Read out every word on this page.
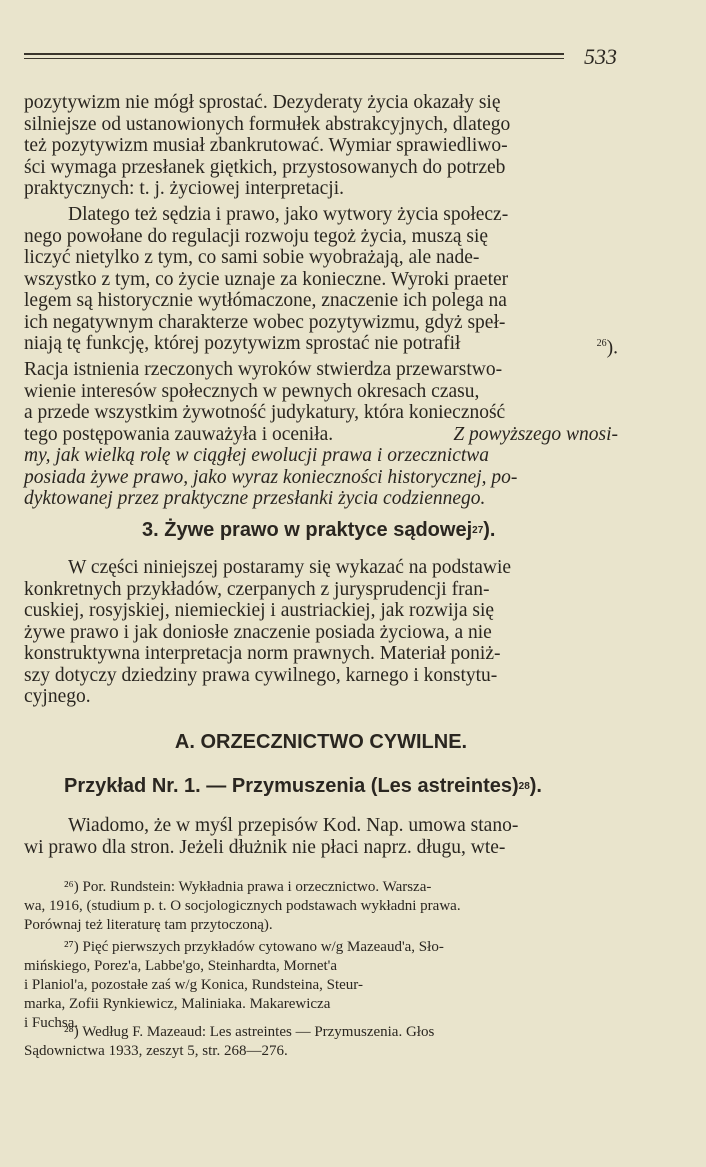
533
pozytywizm nie mógł sprostać. Dezyderaty życia okazały się
silniejsze od ustanowionych formułek abstrakcyjnych, dlatego
też pozytywizm musiał zbankrutować. Wymiar sprawiedliwo-
ści wymaga przesłanek giętkich, przystosowanych do potrzeb
praktycznych: t. j. życiowej interpretacji.
Dlatego też sędzia i prawo, jako wytwory życia społecz-
nego powołane do regulacji rozwoju tegoż życia, muszą się
liczyć nietylko z tym, co sami sobie wyobrażają, ale nade-
wszystko z tym, co życie uznaje za konieczne. Wyroki praeter
legem są historycznie wytłómaczone, znaczenie ich polega na
ich negatywnym charakterze wobec pozytywizmu, gdyż speł-
niają tę funkcję, której pozytywizm sprostać nie potrafił	$^{26}$).
Racja istnienia rzeczonych wyroków stwierdza przewarstwo-
wienie interesów społecznych w pewnych okresach czasu,
a przede wszystkim żywotność judykatury, która konieczność
tego postępowania zauważyła i oceniła.	Z powyższego wnosi-
my, jak wielką rolę w ciągłej ewolucji prawa i orzecznictwa
posiada żywe prawo, jako wyraz konieczności historycznej, po-
dyktowanej przez praktyczne przesłanki życia codziennego.
3. Żywe prawo w praktyce sądowej $^{27}$ ).
W części niniejszej postaramy się wykazać na podstawie
konkretnych przykładów, czerpanych z jurysprudencji fran-
cuskiej, rosyjskiej, niemieckiej i austriackiej, jak rozwija się
żywe prawo i jak doniosłe znaczenie posiada życiowa, a nie
konstruktywna interpretacja norm prawnych. Materiał poniż-
szy dotyczy dziedziny prawa cywilnego, karnego i konstytu-
cyjnego.
A. ORZECZNICTWO CYWILNE.
Przykład Nr. 1. — Przymuszenia (Les astreintes) $^{28}$ ).
Wiadomo, że w myśl przepisów Kod. Nap. umowa stano-
wi prawo dla stron. Jeżeli dłużnik nie płaci naprz. długu, wte-
²⁶) Por. Rundstein: Wykładnia prawa i orzecznictwo. Warsza-
wa, 1916, (studium p. t. O socjologicznych podstawach wykładni prawa.
Porównaj też literaturę tam przytoczoną).
²⁷) Pięć pierwszych przykładów cytowano w/g Mazeaud'a, Sło-
mińskiego, Porez'a, Labbe'go, Steinhardta, Mornet'a
i Planiol'a, pozostałe zaś w/g Konica, Rundsteina, Steur-
marka, Zofii Rynkiewicz, Maliniaka. Makarewicza
i Fuchsa.
²⁸) Według F. Mazeaud: Les astreintes — Przymuszenia. Głos
Sądownictwa 1933, zeszyt 5, str. 268—276.
